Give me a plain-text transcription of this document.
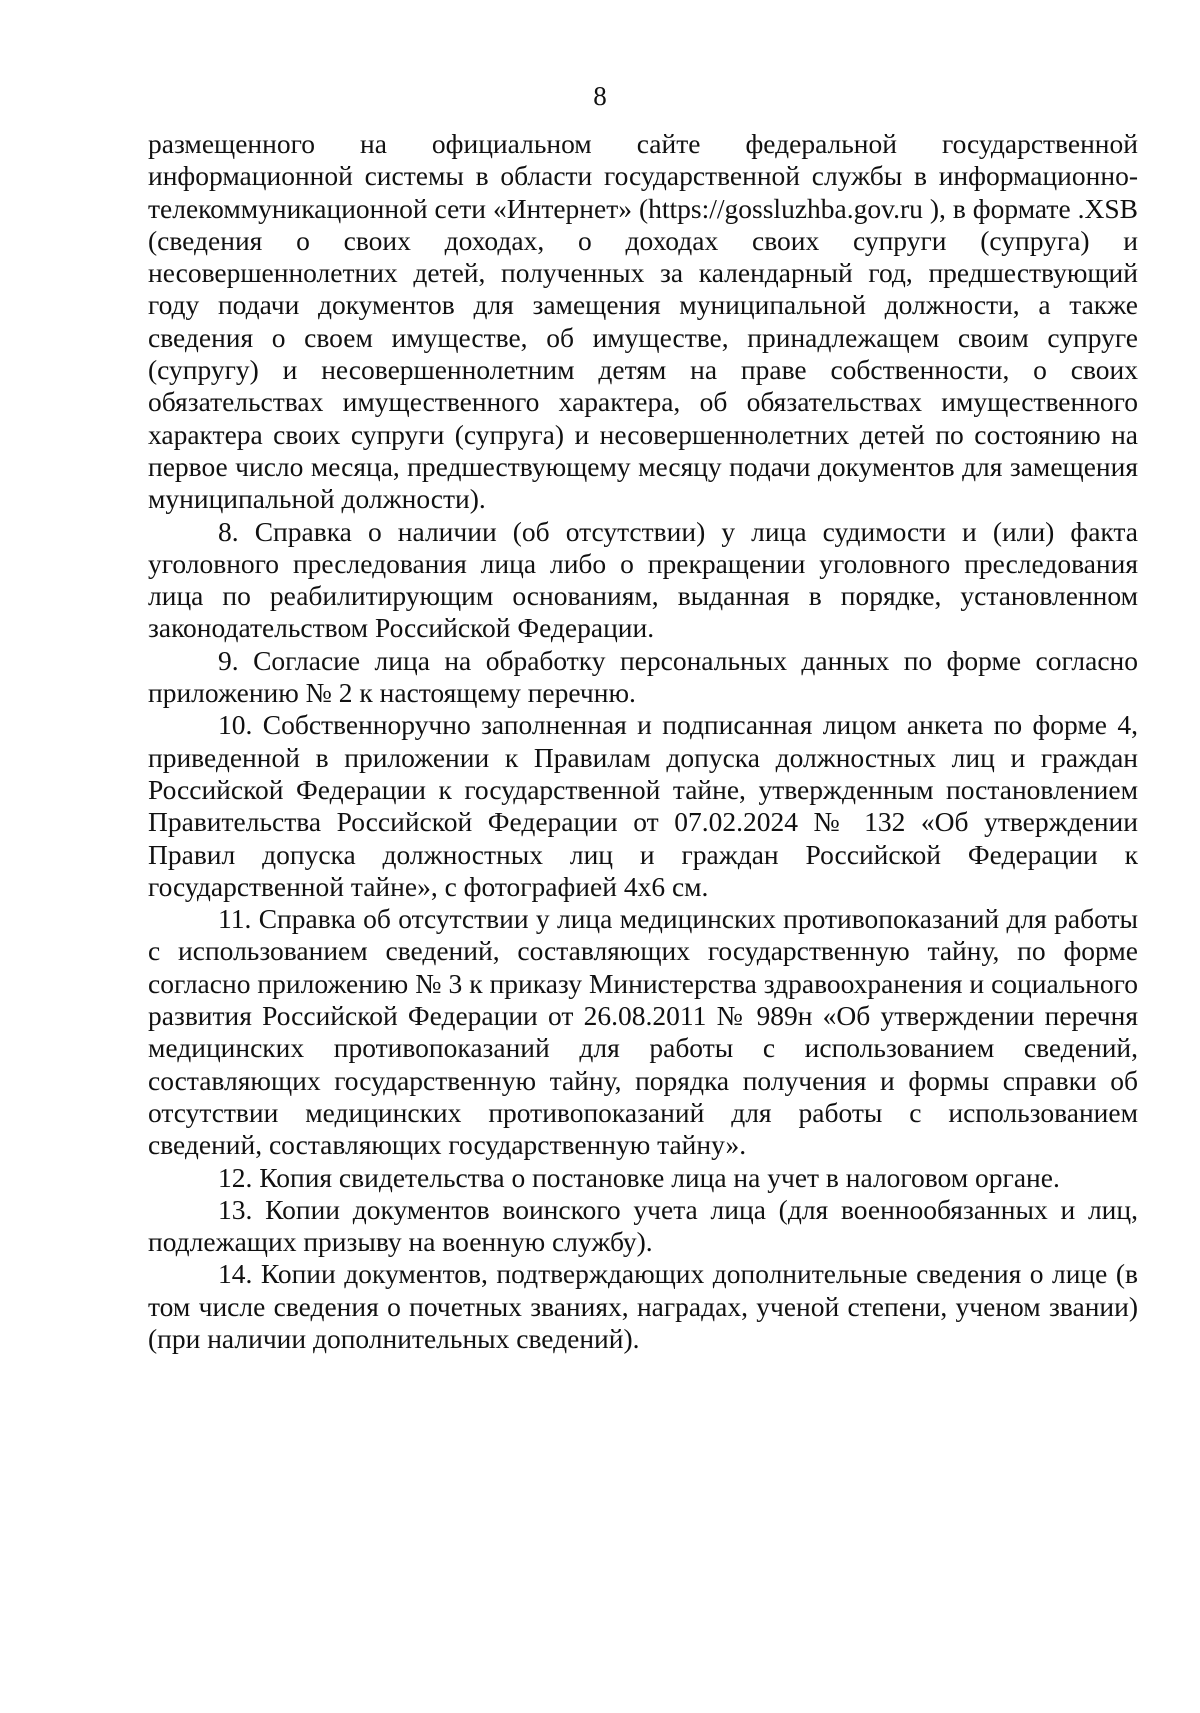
8

размещенного на официальном сайте федеральной государственной информационной системы в области государственной службы в информационно-телекоммуникационной сети «Интернет» (https://gossluzhba.gov.ru ), в формате .XSB (сведения о своих доходах, о доходах своих супруги (супруга) и несовершеннолетних детей, полученных за календарный год, предшествующий году подачи документов для замещения муниципальной должности, а также сведения о своем имуществе, об имуществе, принадлежащем своим супруге (супругу) и несовершеннолетним детям на праве собственности, о своих обязательствах имущественного характера, об обязательствах имущественного характера своих супруги (супруга) и несовершеннолетних детей по состоянию на первое число месяца, предшествующему месяцу подачи документов для замещения муниципальной должности).

8. Справка о наличии (об отсутствии) у лица судимости и (или) факта уголовного преследования лица либо о прекращении уголовного преследования лица по реабилитирующим основаниям, выданная в порядке, установленном законодательством Российской Федерации.

9. Согласие лица на обработку персональных данных по форме согласно приложению № 2 к настоящему перечню.

10. Собственноручно заполненная и подписанная лицом анкета по форме 4, приведенной в приложении к Правилам допуска должностных лиц и граждан Российской Федерации к государственной тайне, утвержденным постановлением Правительства Российской Федерации от 07.02.2024 № 132 «Об утверждении Правил допуска должностных лиц и граждан Российской Федерации к государственной тайне», с фотографией 4x6 см.

11. Справка об отсутствии у лица медицинских противопоказаний для работы с использованием сведений, составляющих государственную тайну, по форме согласно приложению № 3 к приказу Министерства здравоохранения и социального развития Российской Федерации от 26.08.2011 № 989н «Об утверждении перечня медицинских противопоказаний для работы с использованием сведений, составляющих государственную тайну, порядка получения и формы справки об отсутствии медицинских противопоказаний для работы с использованием сведений, составляющих государственную тайну».

12. Копия свидетельства о постановке лица на учет в налоговом органе.

13. Копии документов воинского учета лица (для военнообязанных и лиц, подлежащих призыву на военную службу).

14. Копии документов, подтверждающих дополнительные сведения о лице (в том числе сведения о почетных званиях, наградах, ученой степени, ученом звании) (при наличии дополнительных сведений).
